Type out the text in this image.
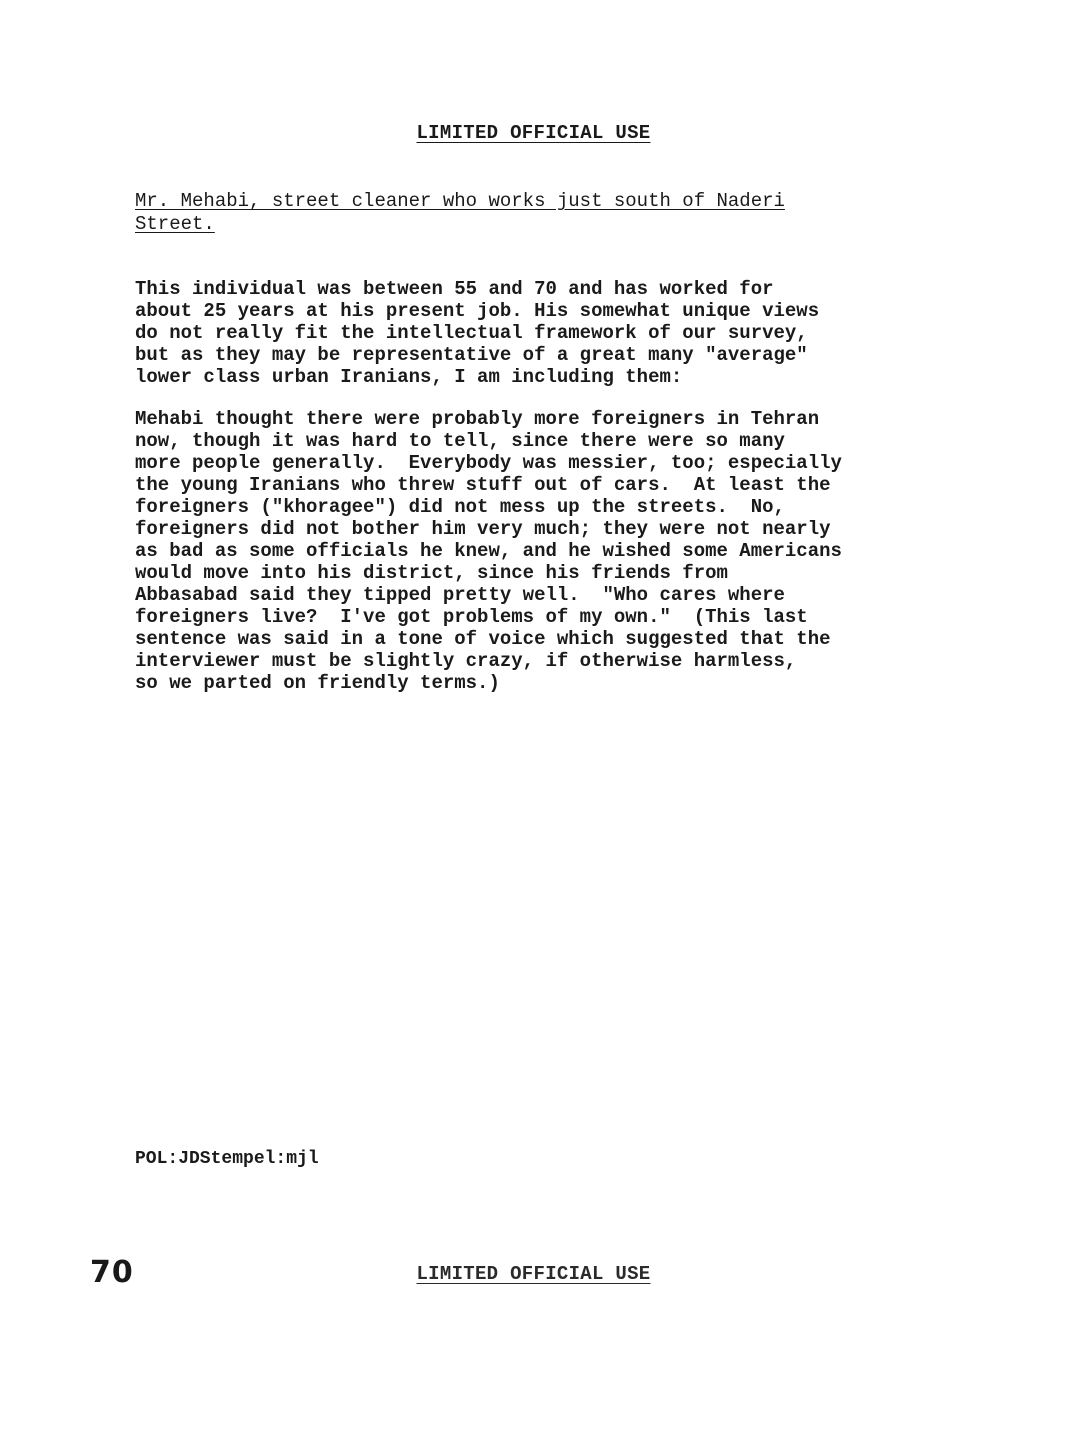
LIMITED OFFICIAL USE
Mr. Mehabi, street cleaner who works just south of Naderi
Street.

This individual was between 55 and 70 and has worked for
about 25 years at his present job. His somewhat unique views
do not really fit the intellectual framework of our survey,
but as they may be representative of a great many "average"
lower class urban Iranians, I am including them:

Mehabi thought there were probably more foreigners in Tehran
now, though it was hard to tell, since there were so many
more people generally.  Everybody was messier, too; especially
the young Iranians who threw stuff out of cars.  At least the
foreigners ("khoragee") did not mess up the streets.  No,
foreigners did not bother him very much; they were not nearly
as bad as some officials he knew, and he wished some Americans
would move into his district, since his friends from
Abbasabad said they tipped pretty well.  "Who cares where
foreigners live?  I've got problems of my own."  (This last
sentence was said in a tone of voice which suggested that the
interviewer must be slightly crazy, if otherwise harmless,
so we parted on friendly terms.)

POL:JDStempel:mjl
70	LIMITED OFFICIAL USE
